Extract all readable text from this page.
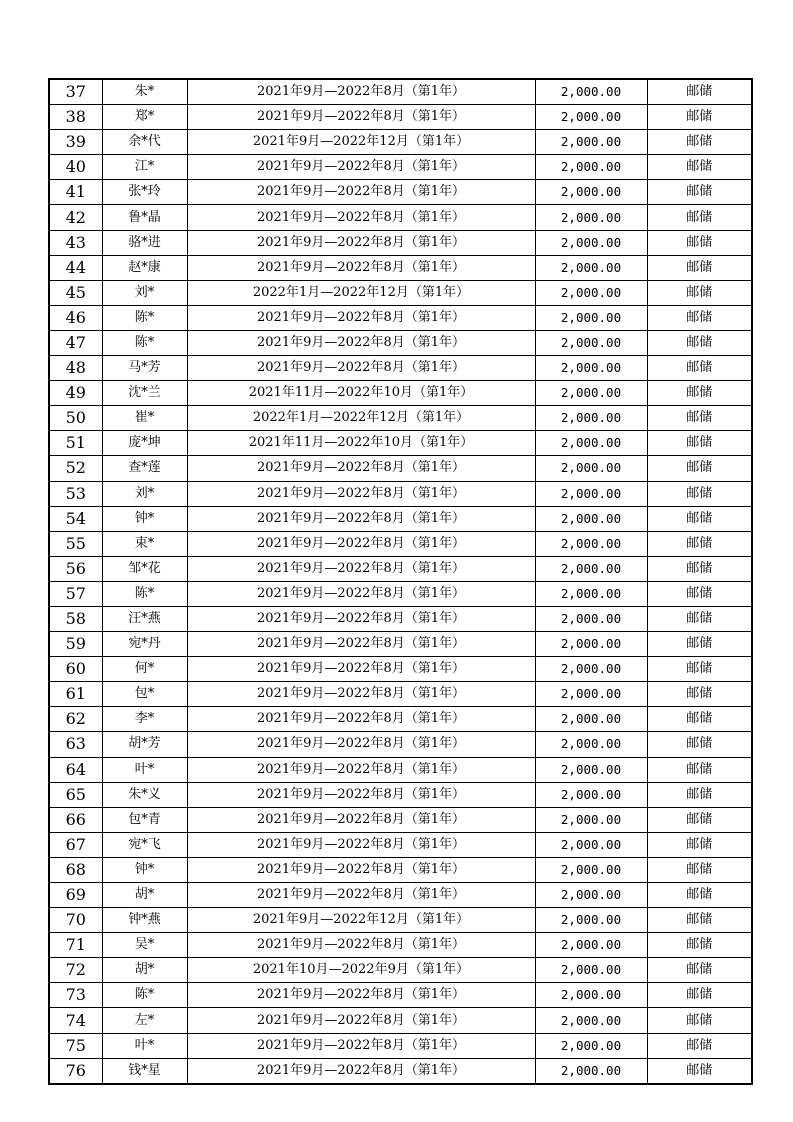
37	朱*	2021年9月—2022年8月（第1年）	2,000.00	邮储
38	郑*	2021年9月—2022年8月（第1年）	2,000.00	邮储
39	余*代	2021年9月—2022年12月（第1年）	2,000.00	邮储
40	江*	2021年9月—2022年8月（第1年）	2,000.00	邮储
41	张*玲	2021年9月—2022年8月（第1年）	2,000.00	邮储
42	鲁*晶	2021年9月—2022年8月（第1年）	2,000.00	邮储
43	骆*进	2021年9月—2022年8月（第1年）	2,000.00	邮储
44	赵*康	2021年9月—2022年8月（第1年）	2,000.00	邮储
45	刘*	2022年1月—2022年12月（第1年）	2,000.00	邮储
46	陈*	2021年9月—2022年8月（第1年）	2,000.00	邮储
47	陈*	2021年9月—2022年8月（第1年）	2,000.00	邮储
48	马*芳	2021年9月—2022年8月（第1年）	2,000.00	邮储
49	沈*兰	2021年11月—2022年10月（第1年）	2,000.00	邮储
50	崔*	2022年1月—2022年12月（第1年）	2,000.00	邮储
51	庞*坤	2021年11月—2022年10月（第1年）	2,000.00	邮储
52	查*莲	2021年9月—2022年8月（第1年）	2,000.00	邮储
53	刘*	2021年9月—2022年8月（第1年）	2,000.00	邮储
54	钟*	2021年9月—2022年8月（第1年）	2,000.00	邮储
55	束*	2021年9月—2022年8月（第1年）	2,000.00	邮储
56	邹*花	2021年9月—2022年8月（第1年）	2,000.00	邮储
57	陈*	2021年9月—2022年8月（第1年）	2,000.00	邮储
58	汪*燕	2021年9月—2022年8月（第1年）	2,000.00	邮储
59	宛*丹	2021年9月—2022年8月（第1年）	2,000.00	邮储
60	何*	2021年9月—2022年8月（第1年）	2,000.00	邮储
61	包*	2021年9月—2022年8月（第1年）	2,000.00	邮储
62	李*	2021年9月—2022年8月（第1年）	2,000.00	邮储
63	胡*芳	2021年9月—2022年8月（第1年）	2,000.00	邮储
64	叶*	2021年9月—2022年8月（第1年）	2,000.00	邮储
65	朱*义	2021年9月—2022年8月（第1年）	2,000.00	邮储
66	包*青	2021年9月—2022年8月（第1年）	2,000.00	邮储
67	宛*飞	2021年9月—2022年8月（第1年）	2,000.00	邮储
68	钟*	2021年9月—2022年8月（第1年）	2,000.00	邮储
69	胡*	2021年9月—2022年8月（第1年）	2,000.00	邮储
70	钟*燕	2021年9月—2022年12月（第1年）	2,000.00	邮储
71	吴*	2021年9月—2022年8月（第1年）	2,000.00	邮储
72	胡*	2021年10月—2022年9月（第1年）	2,000.00	邮储
73	陈*	2021年9月—2022年8月（第1年）	2,000.00	邮储
74	左*	2021年9月—2022年8月（第1年）	2,000.00	邮储
75	叶*	2021年9月—2022年8月（第1年）	2,000.00	邮储
76	钱*星	2021年9月—2022年8月（第1年）	2,000.00	邮储
